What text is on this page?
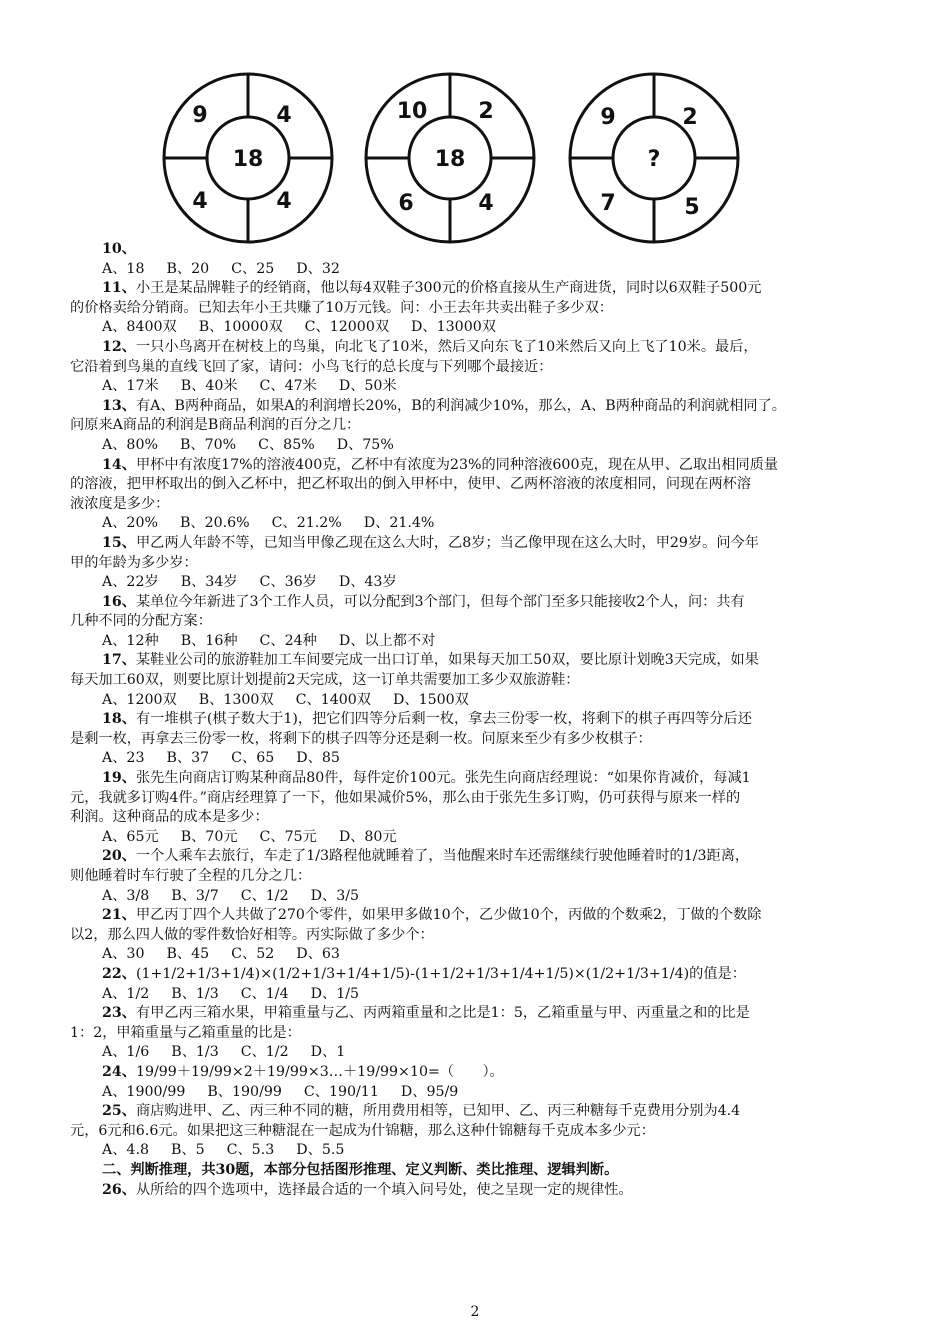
9	4
4	4
18
10 2
6	4
18
9	2
7	5
?
10、
A、18 B、20 C、25 D、32
11、小王是某品牌鞋子的经销商，他以每4双鞋子300元的价格直接从生产商进货，同时以6双鞋子500元
的价格卖给分销商。已知去年小王共赚了10万元钱。问：小王去年共卖出鞋子多少双：
A、8400双 B、10000双 C、12000双 D、13000双
12、一只小鸟离开在树枝上的鸟巢，向北飞了10米，然后又向东飞了10米然后又向上飞了10米。最后，
它沿着到鸟巢的直线飞回了家，请问：小鸟飞行的总长度与下列哪个最接近：
A、17米 B、40米 C、47米 D、50米
13、有A、B两种商品，如果A的利润增长20%，B的利润减少10%，那么，A、B两种商品的利润就相同了。
问原来A商品的利润是B商品利润的百分之几：
A、80% B、70% C、85% D、75%
14、甲杯中有浓度17%的溶液400克，乙杯中有浓度为23%的同种溶液600克，现在从甲、乙取出相同质量
的溶液，把甲杯取出的倒入乙杯中，把乙杯取出的倒入甲杯中，使甲、乙两杯溶液的浓度相同，问现在两杯溶
液浓度是多少：
A、20% B、20.6% C、21.2% D、21.4%
15、甲乙两人年龄不等，已知当甲像乙现在这么大时，乙8岁；当乙像甲现在这么大时，甲29岁。问今年
甲的年龄为多少岁：
A、22岁 B、34岁 C、36岁 D、43岁
16、某单位今年新进了3个工作人员，可以分配到3个部门，但每个部门至多只能接收2个人，问：共有
几种不同的分配方案：
A、12种 B、16种 C、24种 D、以上都不对
17、某鞋业公司的旅游鞋加工车间要完成一出口订单，如果每天加工50双，要比原计划晚3天完成，如果
每天加工60双，则要比原计划提前2天完成，这一订单共需要加工多少双旅游鞋：
A、1200双 B、1300双 C、1400双 D、1500双
18、有一堆棋子(棋子数大于1)，把它们四等分后剩一枚，拿去三份零一枚，将剩下的棋子再四等分后还
是剩一枚，再拿去三份零一枚，将剩下的棋子四等分还是剩一枚。问原来至少有多少枚棋子：
A、23 B、37 C、65 D、85
19、张先生向商店订购某种商品80件，每件定价100元。张先生向商店经理说：“如果你肯减价，每减1
元，我就多订购4件。”商店经理算了一下，他如果减价5%，那么由于张先生多订购，仍可获得与原来一样的
利润。这种商品的成本是多少：
A、65元 B、70元 C、75元 D、80元
20、一个人乘车去旅行，车走了1/3路程他就睡着了，当他醒来时车还需继续行驶他睡着时的1/3距离，
则他睡着时车行驶了全程的几分之几：
A、3/8 B、3/7 C、1/2 D、3/5
21、甲乙丙丁四个人共做了270个零件，如果甲多做10个，乙少做10个，丙做的个数乘2，丁做的个数除
以2，那么四人做的零件数恰好相等。丙实际做了多少个：
A、30 B、45 C、52 D、63
22、(1+1/2+1/3+1/4)×(1/2+1/3+1/4+1/5)-(1+1/2+1/3+1/4+1/5)×(1/2+1/3+1/4)的值是：
A、1/2 B、1/3 C、1/4 D、1/5
23、有甲乙丙三箱水果，甲箱重量与乙、丙两箱重量和之比是1：5，乙箱重量与甲、丙重量之和的比是
1：2，甲箱重量与乙箱重量的比是：
A、1/6 B、1/3 C、1/2 D、1
24、19/99＋19/99×2＋19/99×3…＋19/99×10=（　　）。
A、1900/99 B、190/99 C、190/11 D、95/9
25、商店购进甲、乙、丙三种不同的糖，所用费用相等，已知甲、乙、丙三种糖每千克费用分别为4.4
元，6元和6.6元。如果把这三种糖混在一起成为什锦糖，那么这种什锦糖每千克成本多少元：
A、4.8 B、5 C、5.3 D、5.5
二、判断推理，共30题，本部分包括图形推理、定义判断、类比推理、逻辑判断。
26、从所给的四个选项中，选择最合适的一个填入问号处，使之呈现一定的规律性。
2
